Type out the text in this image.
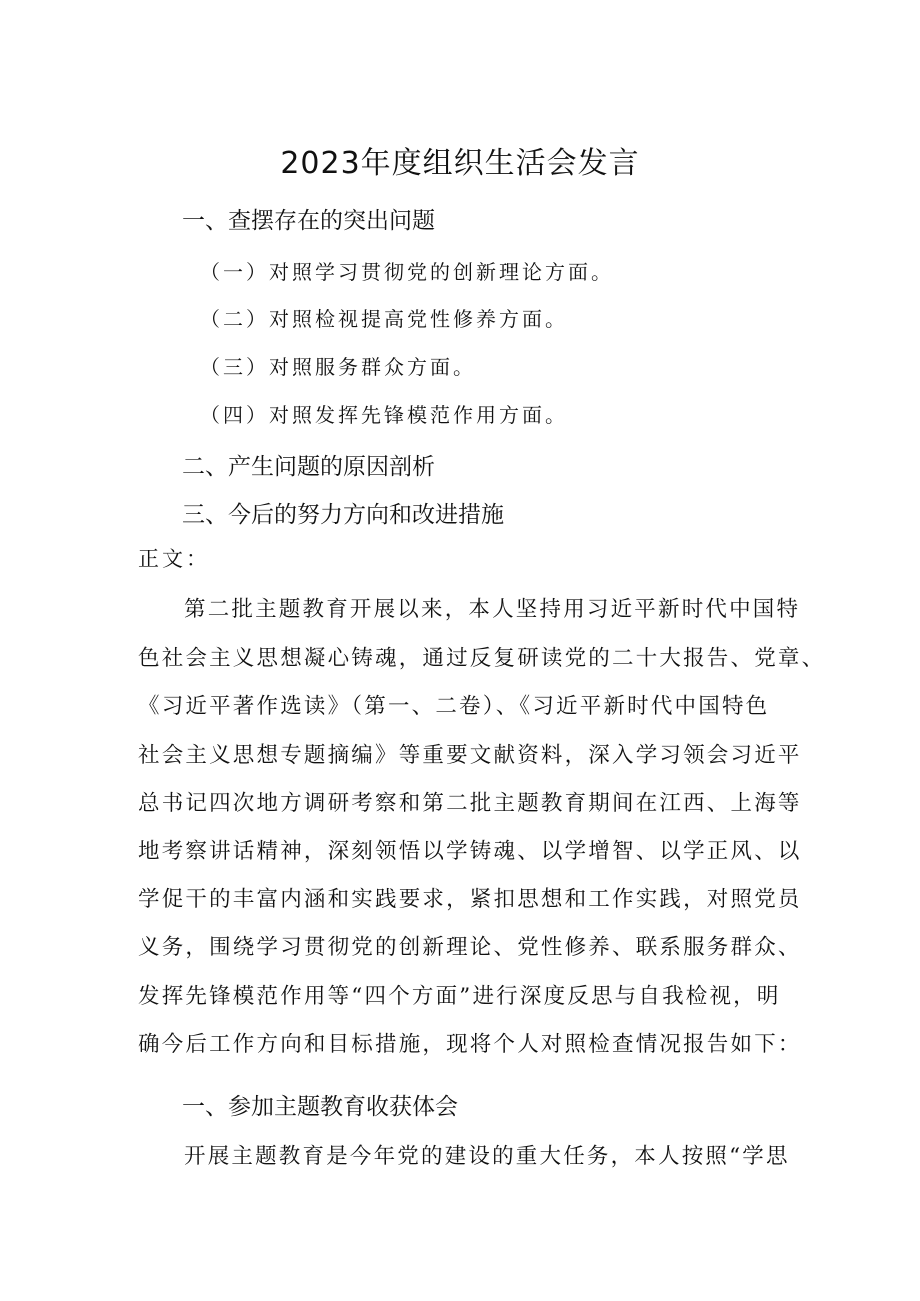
2023年度组织生活会发言
一、查摆存在的突出问题
（一）对照学习贯彻党的创新理论方面。
（二）对照检视提高党性修养方面。
（三）对照服务群众方面。
（四）对照发挥先锋模范作用方面。
二、产生问题的原因剖析
三、今后的努力方向和改进措施
正文：
第二批主题教育开展以来，本人坚持用习近平新时代中国特
色社会主义思想凝心铸魂，通过反复研读党的二十大报告、党章、
《习近平著作选读》（第一、二卷）、《习近平新时代中国特色
社会主义思想专题摘编》等重要文献资料，深入学习领会习近平
总书记四次地方调研考察和第二批主题教育期间在江西、上海等
地考察讲话精神，深刻领悟以学铸魂、以学增智、以学正风、以
学促干的丰富内涵和实践要求，紧扣思想和工作实践，对照党员
义务，围绕学习贯彻党的创新理论、党性修养、联系服务群众、
发挥先锋模范作用等“四个方面”进行深度反思与自我检视，明
确今后工作方向和目标措施，现将个人对照检查情况报告如下：
一、参加主题教育收获体会
开展主题教育是今年党的建设的重大任务，本人按照“学思
